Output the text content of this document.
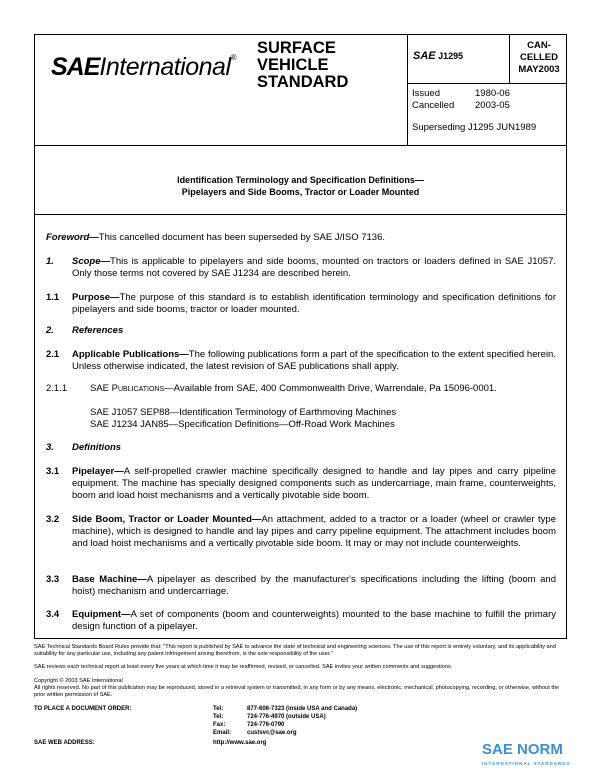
SAEInternational®
SURFACE
VEHICLE
STANDARD
SAE J1295
CAN-
CELLED
MAY2003
Issued	1980-06
Cancelled 2003-05
Superseding J1295 JUN1989
Identification Terminology and Specification Definitions—
Pipelayers and Side Booms, Tractor or Loader Mounted
Foreword—This cancelled document has been superseded by SAE J/ISO 7136.
1. Scope—This is applicable to pipelayers and side booms, mounted on tractors or loaders defined in SAE J1057. Only those terms not covered by SAE J1234 are described herein.
1.1 Purpose—The purpose of this standard is to establish identification terminology and specification definitions for pipelayers and side booms, tractor or loader mounted.
2. References
2.1 Applicable Publications—The following publications form a part of the specification to the extent specified herein. Unless otherwise indicated, the latest revision of SAE publications shall apply.
2.1.1 SAE Publications—Available from SAE, 400 Commonwealth Drive, Warrendale, Pa 15096-0001.
SAE J1057 SEP88—Identification Terminology of Earthmoving Machines
SAE J1234 JAN85—Specification Definitions—Off-Road Work Machines
3. Definitions
3.1 Pipelayer—A self-propelled crawler machine specifically designed to handle and lay pipes and carry pipeline equipment. The machine has specially designed components such as undercarriage, main frame, counterweights, boom and load hoist mechanisms and a vertically pivotable side boom.
3.2 Side Boom, Tractor or Loader Mounted—An attachment, added to a tractor or a loader (wheel or crawler type machine), which is designed to handle and lay pipes and carry pipeline equipment. The attachment includes boom and load hoist mechanisms and a vertically pivotable side boom. It may or may not include counterweights.
3.3 Base Machine—A pipelayer as described by the manufacturer's specifications including the lifting (boom and hoist) mechanism and undercarriage.
3.4 Equipment—A set of components (boom and counterweights) mounted to the base machine to fulfill the primary design function of a pipelayer.
SAE Technical Standards Board Rules provide that: "This report is published by SAE to advance the state of technical and engineering sciences. The use of this report is entirely voluntary, and its applicability and suitability for any particular use, including any patent infringement arising therefrom, is the sole responsibility of the user."
SAE reviews each technical report at least every five years at which time it may be reaffirmed, revised, or cancelled. SAE invites your written comments and suggestions.
Copyright © 2003 SAE International
All rights reserved. No part of this publication may be reproduced, stored in a retrieval system or transmitted, in any form or by any means, electronic, mechanical, photocopying, recording, or otherwise, without the prior written permission of SAE.
TO PLACE A DOCUMENT ORDER:	Tel:	877-606-7323 (inside USA and Canada)
Tel:	724-776-4970 (outside USA)
Fax:	724-776-0790
Email:	custsvc@sae.org
SAE WEB ADDRESS:	http://www.sae.org	SAE NORM
INTERNATIONAL STANDARDS
